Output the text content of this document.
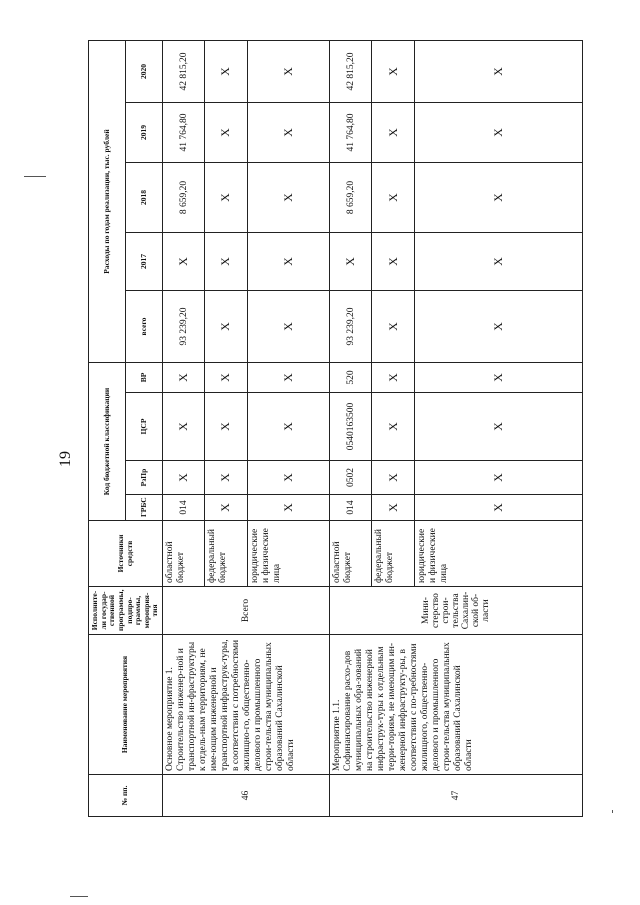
19
№ пп.	Наименование мероприятия	Исполните-ли государ-ственной программы, подпро-граммы, мероприя-тия	Источники средств	Код бюджетной классификации				Расходы по годам реализации, тыс. рублей				
				ГРБС	РзПр	ЦСР	ВР	всего	2017	2018	2019	2020
46	Основное мероприятие 1. Строительство инженер-ной и транспортной ин-фраструктуры к отдель-ным территориям, не име-ющим инженерной и транспортной инфраструк-туры, в соответствии с потребностями жилищно-го, общественно-делового и промышленного строи-тельства муниципальных образований Сахалинской области	Всего	областной бюджет	014	Х	Х	Х	93 239,20	Х	8 659,20	41 764,80	42 815,20
			федеральный бюджет	Х	Х	Х	Х	Х	Х	Х	Х	Х
			юридические и физические лица	Х	Х	Х	Х	Х	Х	Х	Х	Х
47	Мероприятие 1.1. Софинансирование расхо-дов муниципальных обра-зований на строительство инженерной инфраструк-туры к отдельным терри-ториям, не имеющим ин-женерной инфраструкту-ры, в соответствии с по-требностями жилищного, общественно-делового и промышленного строи-тельства муниципальных образований Сахалинской области	Мини-стерство строи-тельства Сахалин-ской об-ласти	областной бюджет	014	0502	0540163500	520	93 239,20	Х	8 659,20	41 764,80	42 815,20
			федеральный бюджет	Х	Х	Х	Х	Х	Х	Х	Х	Х
			юридические и физические лица	Х	Х	Х	Х	Х	Х	Х	Х	Х
